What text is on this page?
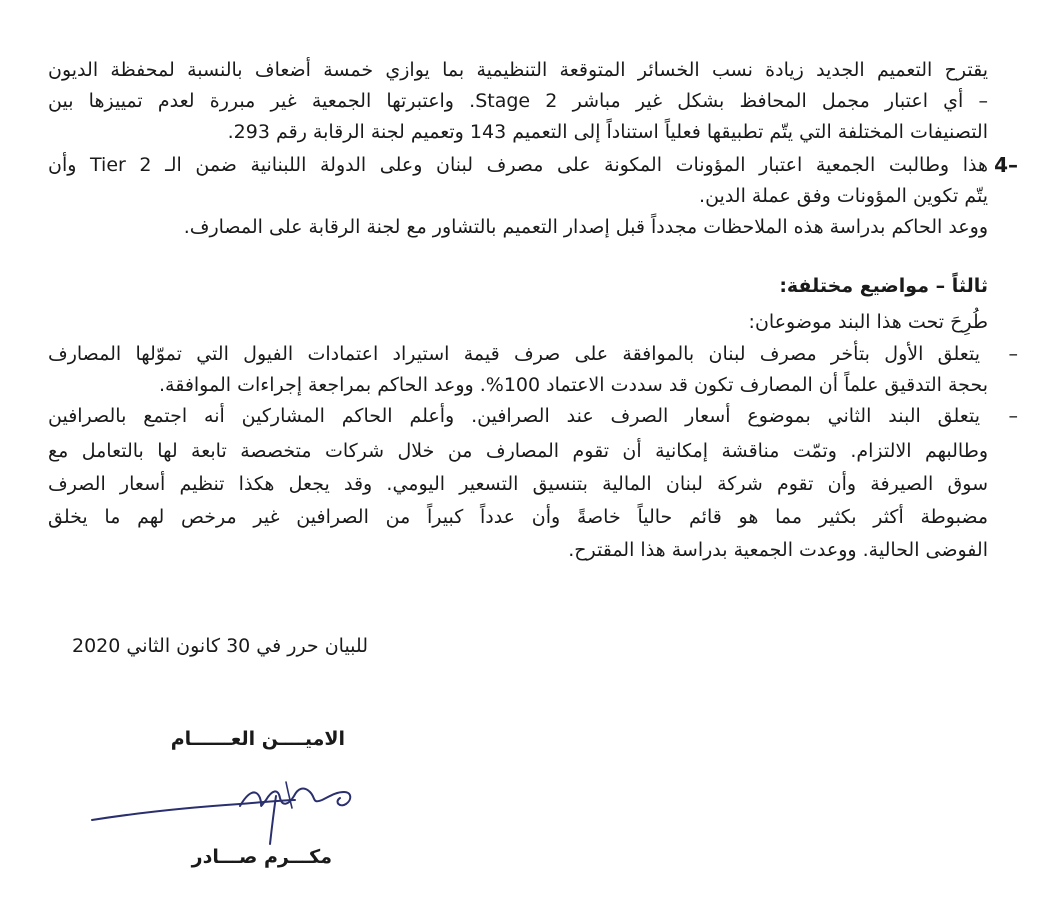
يقترح التعميم الجديد زيادة نسب الخسائر المتوقعة التنظيمية بما يوازي خمسة أضعاف بالنسبة لمحفظة الديون
– أي اعتبار مجمل المحافظ بشكل غير مباشر Stage 2. واعتبرتها الجمعية غير مبررة لعدم تمييزها بين
التصنيفات المختلفة التي يتّم تطبيقها فعلياً استناداً إلى التعميم 143 وتعميم لجنة الرقابة رقم 293.
4–
هذا وطالبت الجمعية اعتبار المؤونات المكونة على مصرف لبنان وعلى الدولة اللبنانية ضمن الـ Tier 2 وأن
يتّم تكوين المؤونات وفق عملة الدين.
ووعد الحاكم بدراسة هذه الملاحظات مجدداً قبل إصدار التعميم بالتشاور مع لجنة الرقابة على المصارف.
ثالثاً – مواضيع مختلفة:
طُرِحَ تحت هذا البند موضوعان:
–
يتعلق الأول بتأخر مصرف لبنان بالموافقة على صرف قيمة استيراد اعتمادات الفيول التي تموّلها المصارف
بحجة التدقيق علماً أن المصارف تكون قد سددت الاعتماد 100%. ووعد الحاكم بمراجعة إجراءات الموافقة.
–
يتعلق البند الثاني بموضوع أسعار الصرف عند الصرافين. وأعلم الحاكم المشاركين أنه اجتمع بالصرافين
وطالبهم الالتزام. وتمّت مناقشة إمكانية أن تقوم المصارف من خلال شركات متخصصة تابعة لها بالتعامل مع
سوق الصيرفة وأن تقوم شركة لبنان المالية بتنسيق التسعير اليومي. وقد يجعل هكذا تنظيم أسعار الصرف
مضبوطة أكثر بكثير مما هو قائم حالياً خاصةً وأن عدداً كبيراً من الصرافين غير مرخص لهم ما يخلق
الفوضى الحالية. ووعدت الجمعية بدراسة هذا المقترح.
للبيان حرر في 30 كانون الثاني 2020
الاميــــن العــــــام
مكـــرم صـــادر
